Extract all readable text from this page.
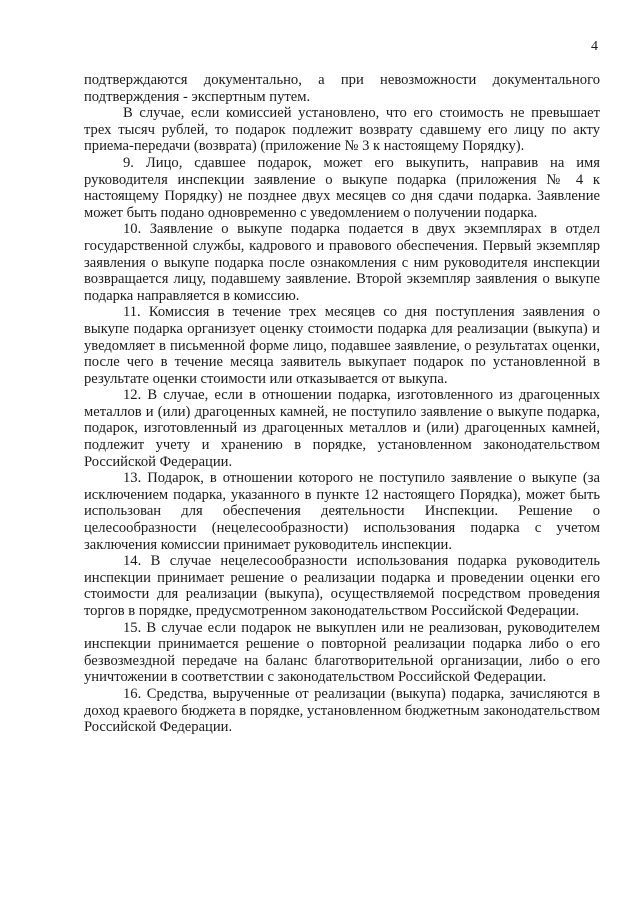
4

подтверждаются документально, а при невозможности документального подтверждения - экспертным путем.

В случае, если комиссией установлено, что его стоимость не превышает трех тысяч рублей, то подарок подлежит возврату сдавшему его лицу по акту приема-передачи (возврата) (приложение № 3 к настоящему Порядку).

9. Лицо, сдавшее подарок, может его выкупить, направив на имя руководителя инспекции заявление о выкупе подарка (приложения № 4 к настоящему Порядку) не позднее двух месяцев со дня сдачи подарка. Заявление может быть подано одновременно с уведомлением о получении подарка.

10. Заявление о выкупе подарка подается в двух экземплярах в отдел государственной службы, кадрового и правового обеспечения. Первый экземпляр заявления о выкупе подарка после ознакомления с ним руководителя инспекции возвращается лицу, подавшему заявление. Второй экземпляр заявления о выкупе подарка направляется в комиссию.

11. Комиссия в течение трех месяцев со дня поступления заявления о выкупе подарка организует оценку стоимости подарка для реализации (выкупа) и уведомляет в письменной форме лицо, подавшее заявление, о результатах оценки, после чего в течение месяца заявитель выкупает подарок по установленной в результате оценки стоимости или отказывается от выкупа.

12. В случае, если в отношении подарка, изготовленного из драгоценных металлов и (или) драгоценных камней, не поступило заявление о выкупе подарка, подарок, изготовленный из драгоценных металлов и (или) драгоценных камней, подлежит учету и хранению в порядке, установленном законодательством Российской Федерации.

13. Подарок, в отношении которого не поступило заявление о выкупе (за исключением подарка, указанного в пункте 12 настоящего Порядка), может быть использован для обеспечения деятельности Инспекции. Решение о целесообразности (нецелесообразности) использования подарка с учетом заключения комиссии принимает руководитель инспекции.

14. В случае нецелесообразности использования подарка руководитель инспекции принимает решение о реализации подарка и проведении оценки его стоимости для реализации (выкупа), осуществляемой посредством проведения торгов в порядке, предусмотренном законодательством Российской Федерации.

15. В случае если подарок не выкуплен или не реализован, руководителем инспекции принимается решение о повторной реализации подарка либо о его безвозмездной передаче на баланс благотворительной организации, либо о его уничтожении в соответствии с законодательством Российской Федерации.

16. Средства, вырученные от реализации (выкупа) подарка, зачисляются в доход краевого бюджета в порядке, установленном бюджетным законодательством Российской Федерации.
